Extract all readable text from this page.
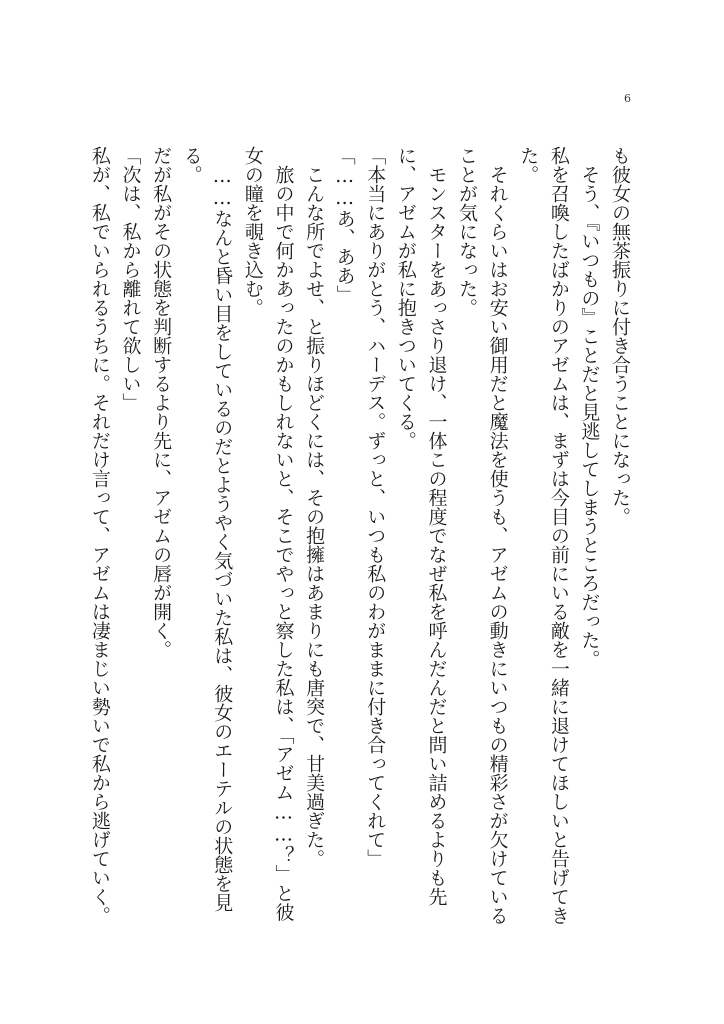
6

も彼女の無茶振りに付き合うことになった。

そう、『いつもの』ことだと見逃してしまうところだった。

私を召喚したばかりのアゼムは、まずは今目の前にいる敵を一緒に退けてほしいと告げてきた。

それくらいはお安い御用だと魔法を使うも、アゼムの動きにいつもの精彩さが欠けていることが気になった。

モンスターをあっさり退け、一体この程度でなぜ私を呼んだんだと問い詰めるよりも先に、アゼムが私に抱きついてくる。

「本当にありがとう、ハーデス。ずっと、いつも私のわがままに付き合ってくれて」

「……あ、ああ」

こんな所でよせ、と振りほどくには、その抱擁はあまりにも唐突で、甘美過ぎた。

旅の中で何かあったのかもしれないと、そこでやっと察した私は、「アゼム……？」と彼女の瞳を覗き込む。

……なんと昏い目をしているのだとようやく気づいた私は、彼女のエーテルの状態を見る。

だが私がその状態を判断するより先に、アゼムの唇が開く。

「次は、私から離れて欲しい」

私が、私でいられるうちに。それだけ言って、アゼムは凄まじい勢いで私から逃げていく。
